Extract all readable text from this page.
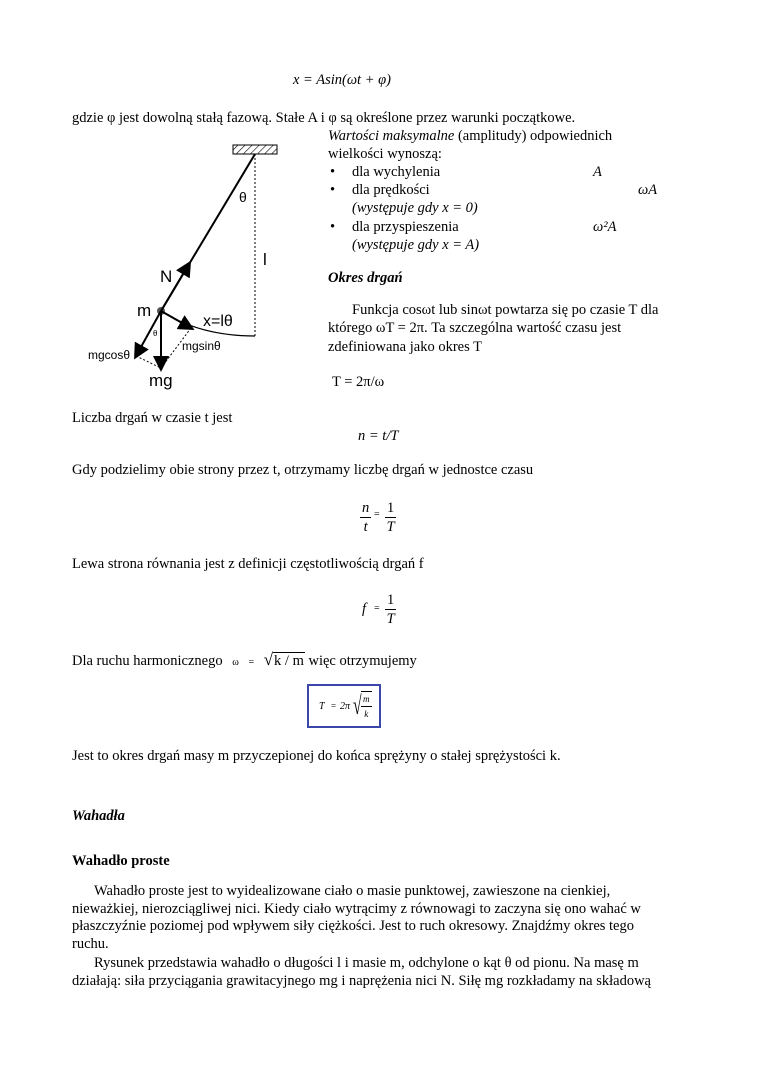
x = Asin(ωt + φ)
gdzie φ jest dowolną stałą fazową. Stałe A i φ są określone przez warunki początkowe.
Wartości maksymalne (amplitudy) odpowiednich
wielkości wynoszą:
• dla wychylenia	A
• dla prędkości	ωA
(występuje gdy x = 0)
• dla przyspieszenia	ω²A
(występuje gdy x = A)
Okres drgań
Funkcja cosωt lub sinωt powtarza się po czasie T dla
którego ωT = 2π. Ta szczególna wartość czasu jest
zdefiniowana jako okres T
T = 2π/ω
θ
l
N
m
x=lθ
mgsinθ
mgcosθ
θ
mg
Liczba drgań w czasie t jest
n = t/T
Gdy podzielimy obie strony przez t, otrzymamy liczbę drgań w jednostce czasu
$\frac{n}{t} = \frac{1}{T}$
Lewa strona równania jest z definicji częstotliwością drgań f
$f = \frac{1}{T}$
Dla ruchu harmonicznego ω = √k / m więc otrzymujemy
T = 2π √ $\frac{m}{k}$
Jest to okres drgań masy m przyczepionej do końca sprężyny o stałej sprężystości k.
Wahadła
Wahadło proste
Wahadło proste jest to wyidealizowane ciało o masie punktowej, zawieszone na cienkiej, nieważkiej, nierozciągliwej nici. Kiedy ciało wytrącimy z równowagi to zaczyna się ono wahać w płaszczyźnie poziomej pod wpływem siły ciężkości. Jest to ruch okresowy. Znajdźmy okres tego ruchu.
Rysunek przedstawia wahadło o długości l i masie m, odchylone o kąt θ od pionu. Na masę m działają: siła przyciągania grawitacyjnego mg i naprężenia nici N. Siłę mg rozkładamy na składową
